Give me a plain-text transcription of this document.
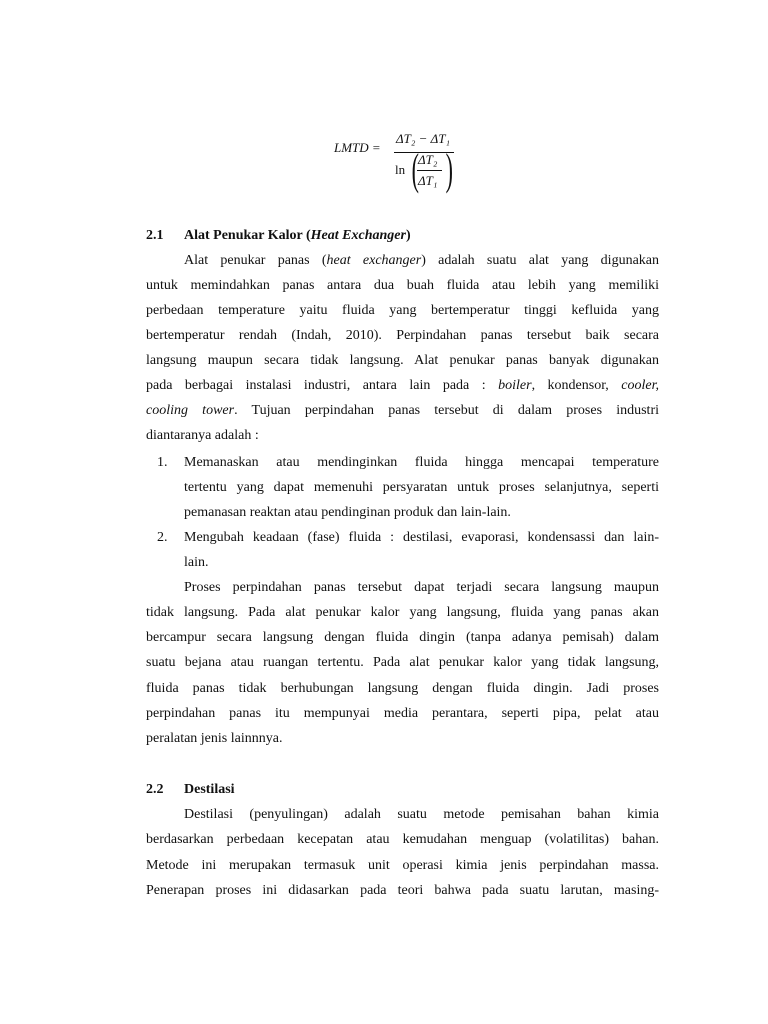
LMTD =
ΔT₂ − ΔT₁
ln ( ΔT₂
ΔT₁ )
2.1 Alat Penukar Kalor (Heat Exchanger)
Alat penukar panas (heat exchanger) adalah suatu alat yang digunakan
untuk memindahkan panas antara dua buah fluida atau lebih yang memiliki
perbedaan temperature yaitu fluida yang bertemperatur tinggi kefluida yang
bertemperatur rendah (Indah, 2010). Perpindahan panas tersebut baik secara
langsung maupun secara tidak langsung. Alat penukar panas banyak digunakan
pada berbagai instalasi industri, antara lain pada : boiler, kondensor, cooler,
cooling tower. Tujuan perpindahan panas tersebut di dalam proses industri
diantaranya adalah :
1. Memanaskan atau mendinginkan fluida hingga mencapai temperature
tertentu yang dapat memenuhi persyaratan untuk proses selanjutnya, seperti
pemanasan reaktan atau pendinginan produk dan lain-lain.
2. Mengubah keadaan (fase) fluida : destilasi, evaporasi, kondensassi dan lain-
lain.
Proses perpindahan panas tersebut dapat terjadi secara langsung maupun
tidak langsung. Pada alat penukar kalor yang langsung, fluida yang panas akan
bercampur secara langsung dengan fluida dingin (tanpa adanya pemisah) dalam
suatu bejana atau ruangan tertentu. Pada alat penukar kalor yang tidak langsung,
fluida panas tidak berhubungan langsung dengan fluida dingin. Jadi proses
perpindahan panas itu mempunyai media perantara, seperti pipa, pelat atau
peralatan jenis lainnnya.
2.2 Destilasi
Destilasi (penyulingan) adalah suatu metode pemisahan bahan kimia
berdasarkan perbedaan kecepatan atau kemudahan menguap (volatilitas) bahan.
Metode ini merupakan termasuk unit operasi kimia jenis perpindahan massa.
Penerapan proses ini didasarkan pada teori bahwa pada suatu larutan, masing-
